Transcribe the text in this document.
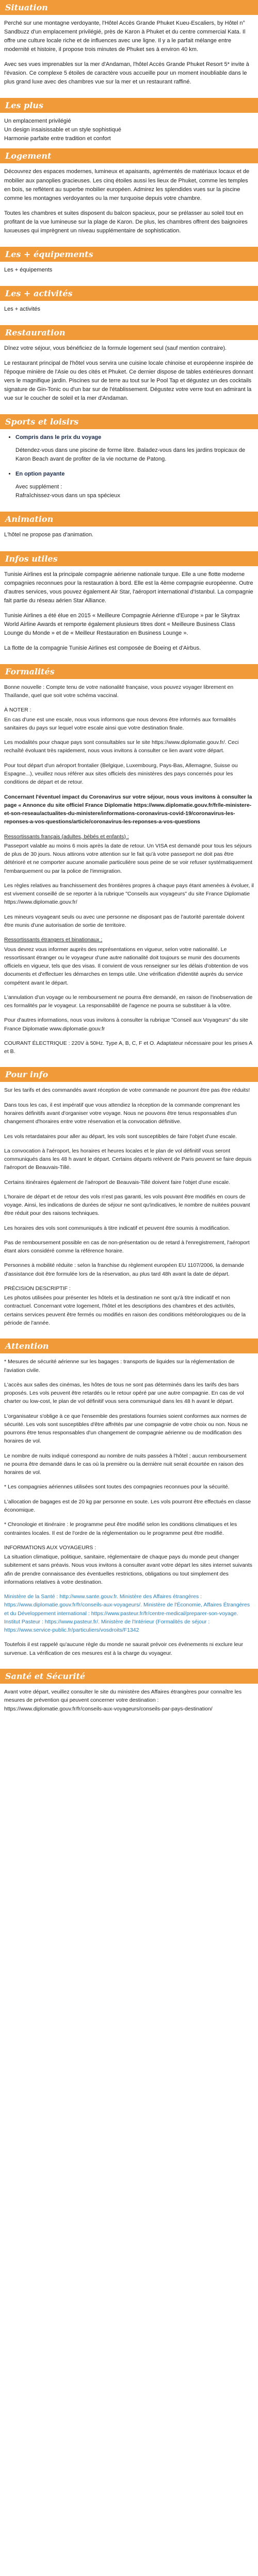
Situation

Perché sur une montagne verdoyante, l'Hôtel Accès Grande Phuket Kueu-Escaliers, by Hôtel n° Sandbuzz d'un emplacement privilégié, près de Karon à Phuket et du centre commercial Kata. Il offre une culture locale riche et de influences avec une ligne. Il y a le parfait mélange entre modernité et histoire, il propose trois minutes de Phuket ses à environ 40 km.

Avec ses vues imprenables sur la mer d'Andaman, l'hôtel Accès Grande Phuket Resort 5* invite à l'évasion. Ce complexe 5 étoiles de caractère vous accueille pour un moment inoubliable dans le plus grand luxe avec des chambres vue sur la mer et un restaurant raffiné.

Les plus
Un emplacement privilégié
Un design insaisissable et un style sophistiqué
Harmonie parfaite entre tradition et confort
Logement

Découvrez des espaces modernes, lumineux et apaisants, agrémentés de matériaux locaux et de mobilier aux panoplies gracieuses. Les cinq étoiles aussi les lieux de Phuket, comme les temples en bois, se reflètent au superbe mobilier européen. Admirez les splendides vues sur la piscine comme les montagnes verdoyantes ou la mer turquoise depuis votre chambre.

Toutes les chambres et suites disposent du balcon spacieux, pour se prélasser au soleil tout en profitant de la vue lumineuse sur la plage de Karon. De plus, les chambres offrent des baignoires luxueuses qui imprègnent un niveau supplémentaire de sophistication.

Les + équipements

Les + équipements

Les + activités

Les + activités

Restauration

Dînez votre séjour, vous bénéficiez de la formule logement seul (sauf mention contraire).

Le restaurant principal de l'hôtel vous servira une cuisine locale chinoise et européenne inspirée de l'époque minière de l'Asie ou des cités et Phuket. Ce dernier dispose de tables extérieures donnant vers le magnifique jardin. Piscines sur de terre au tout sur le Pool Tap et dégustez un des cocktails signature de Gin-Tonic ou d'un bar sur de l'établissement. Dégustez votre verre tout en admirant la vue sur le coucher de soleil et la mer d'Andaman.

Sports et loisirs
• Compris dans le prix du voyage

Détendez-vous dans une piscine de forme libre. Baladez-vous dans les jardins tropicaux de Karon Beach avant de profiter de la vie nocturne de Patong.

• En option payante

Avec supplément :
Rafraîchissez-vous dans un spa spécieux

Animation

L'hôtel ne propose pas d'animation.

Infos utiles

Tunisie Airlines est la principale compagnie aérienne nationale turque. Elle a une flotte moderne compagnies reconnues pour la restauration à bord. Elle est la 4ème compagnie européenne. Outre d'autres services, vous pouvez également Air Star, l'aéroport international d'Istanbul. La compagnie fait partie du réseau aérien Star Alliance.

Tunisie Airlines a été élue en 2015 « Meilleure Compagnie Aérienne d'Europe » par le Skytrax World Airline Awards et remporte également plusieurs titres dont « Meilleure Business Class Lounge du Monde » et de « Meilleur Restauration en Business Lounge ».

La flotte de la compagnie Tunisie Airlines est composée de Boeing et d'Airbus.

Formalités

Bonne nouvelle : Compte tenu de votre nationalité française, vous pouvez voyager librement en Thaïlande, quel que soit votre schéma vaccinal.

À NOTER :

En cas d'une est une escale, nous vous informons que nous devons être informés aux formalités sanitaires du pays sur lequel votre escale ainsi que votre destination finale.

Les modalités pour chaque pays sont consultables sur le site https://www.diplomatie.gouv.fr/. Ceci rechaîté évoluant très rapidement, nous vous invitons à consulter ce lien avant votre départ.

Pour tout départ d'un aéroport frontalier (Belgique, Luxembourg, Pays-Bas, Allemagne, Suisse ou Espagne...), veuillez nous référer aux sites officiels des ministères des pays concernés pour les conditions de départ et de retour.

Concernant l'éventuel impact du Coronavirus sur votre séjour, nous vous invitons à consulter la page « Annonce du site officiel France Diplomatie https://www.diplomatie.gouv.fr/fr/le-ministere-et-son-reseau/actualites-du-ministere/informations-coronavirus-covid-19/coronavirus-les-reponses-a-vos-questions/article/coronavirus-les-reponses-a-vos-questions

Ressortissants français (adultes, bébés et enfants) :

Passeport valable au moins 6 mois après la date de retour. Un VISA est demandé pour tous les séjours de plus de 30 jours. Nous attirons votre attention sur le fait qu'à votre passeport ne doit pas être détérioré et ne comporter aucune anomalie particulière sous peine de se voir refuser systématiquement l'embarquement ou par la police de l'immigration.

Les règles relatives au franchissement des frontières propres à chaque pays étant amenées à évoluer, il est vivement conseillé de se reporter à la rubrique "Conseils aux voyageurs" du site France Diplomatie https://www.diplomatie.gouv.fr/

Les mineurs voyageant seuls ou avec une personne ne disposant pas de l'autorité parentale doivent être munis d'une autorisation de sortie de territoire.

Ressortissants étrangers et binationaux :

Vous devrez vous informer auprès des représentations en vigueur, selon votre nationalité. Le ressortissant étranger ou le voyageur d'une autre nationalité doit toujours se munir des documents officiels en vigueur, tels que des visas. Il convient de vous renseigner sur les délais d'obtention de vos documents et d'effectuer les démarches en temps utile. Une vérification d'identité auprès du service compétent avant le départ.

L'annulation d'un voyage ou le remboursement ne pourra être demandé, en raison de l'inobservation de ces formalités par le voyageur. La responsabilité de l'agence ne pourra se substituer à la vôtre.

Pour d'autres informations, nous vous invitons à consulter la rubrique "Conseil aux Voyageurs" du site France Diplomatie www.diplomatie.gouv.fr

COURANT ÉLECTRIQUE : 220V à 50Hz. Type A, B, C, F et O. Adaptateur nécessaire pour les prises A et B.

Pour info

Sur les tarifs et des commandés avant réception de votre commande ne pourront être pas être réduits!

Dans tous les cas, il est impératif que vous attendiez la réception de la commande comprenant les horaires définitifs avant d'organiser votre voyage. Nous ne pouvons être tenus responsables d'un changement d'horaires entre votre réservation et la convocation définitive.

Les vols retardataires pour aller au départ, les vols sont susceptibles de faire l'objet d'une escale.

La convocation à l'aéroport, les horaires et heures locales et le plan de vol définitif vous seront communiqués dans les 48 h avant le départ. Certains départs relèvent de Paris peuvent se faire depuis l'aéroport de Beauvais-Tillé.

Certains itinéraires également de l'aéroport de Beauvais-Tillé doivent faire l'objet d'une escale.

L'horaire de départ et de retour des vols n'est pas garanti, les vols pouvant être modifiés en cours de voyage. Ainsi, les indications de durées de séjour ne sont qu'indicatives, le nombre de nuitées pouvant être réduit pour des raisons techniques.

Les horaires des vols sont communiqués à titre indicatif et peuvent être soumis à modification.

Pas de remboursement possible en cas de non-présentation ou de retard à l'enregistrement, l'aéroport étant alors considéré comme la référence horaire.

Personnes à mobilité réduite : selon la franchise du règlement européen EU 1107/2006, la demande d'assistance doit être formulée lors de la réservation, au plus tard 48h avant la date de départ.

PRÉCISION DESCRIPTIF :

Les photos utilisées pour présenter les hôtels et la destination ne sont qu'à titre indicatif et non contractuel. Concernant votre logement, l'hôtel et les descriptions des chambres et des activités, certains services peuvent être fermés ou modifiés en raison des conditions météorologiques ou de la période de l'année.

Attention

* Mesures de sécurité aérienne sur les bagages : transports de liquides sur la réglementation de l'aviation civile.

L'accès aux salles des cinémas, les hôtes de tous ne sont pas déterminés dans les tarifs des bars proposés. Les vols peuvent être retardés ou le retour opéré par une autre compagnie. En cas de vol charter ou low-cost, le plan de vol définitif vous sera communiqué dans les 48 h avant le départ.

L'organisateur s'oblige à ce que l'ensemble des prestations fournies soient conformes aux normes de sécurité. Les vols sont susceptibles d'être affrétés par une compagnie de votre choix ou non. Nous ne pourrons être tenus responsables d'un changement de compagnie aérienne ou de modification des horaires de vol.

Le nombre de nuits indiqué correspond au nombre de nuits passées à l'hôtel ; aucun remboursement ne pourra être demandé dans le cas où la première ou la dernière nuit serait écourtée en raison des horaires de vol.

* Les compagnies aériennes utilisées sont toutes des compagnies reconnues pour la sécurité.

L'allocation de bagages est de 20 kg par personne en soute. Les vols pourront être effectués en classe économique.

* Chronologie et itinéraire : le programme peut être modifié selon les conditions climatiques et les contraintes locales. Il est de l'ordre de la réglementation ou le programme peut être modifié.

INFORMATIONS AUX VOYAGEURS :

La situation climatique, politique, sanitaire, réglementaire de chaque pays du monde peut changer subitement et sans préavis. Nous vous invitons à consulter avant votre départ les sites internet suivants afin de prendre connaissance des éventuelles restrictions, obligations ou tout simplement des informations relatives à votre destination.

Ministère de la Santé : http://www.sante.gouv.fr. Ministère des Affaires étrangères : https://www.diplomatie.gouv.fr/fr/conseils-aux-voyageurs/. Ministère de l'Économie, Affaires Étrangères et du Développement international : https://www.pasteur.fr/fr/centre-medical/preparer-son-voyage. Institut Pasteur : https://www.pasteur.fr/. Ministère de l'Intérieur (Formalités de séjour : https://www.service-public.fr/particuliers/vosdroits/F1342

Toutefois il est rappelé qu'aucune règle du monde ne saurait prévoir ces événements ni exclure leur survenue. La vérification de ces mesures est à la charge du voyageur.

Santé et Sécurité

Avant votre départ, veuillez consulter le site du ministère des Affaires étrangères pour connaître les mesures de prévention qui peuvent concerner votre destination : https://www.diplomatie.gouv.fr/fr/conseils-aux-voyageurs/conseils-par-pays-destination/
